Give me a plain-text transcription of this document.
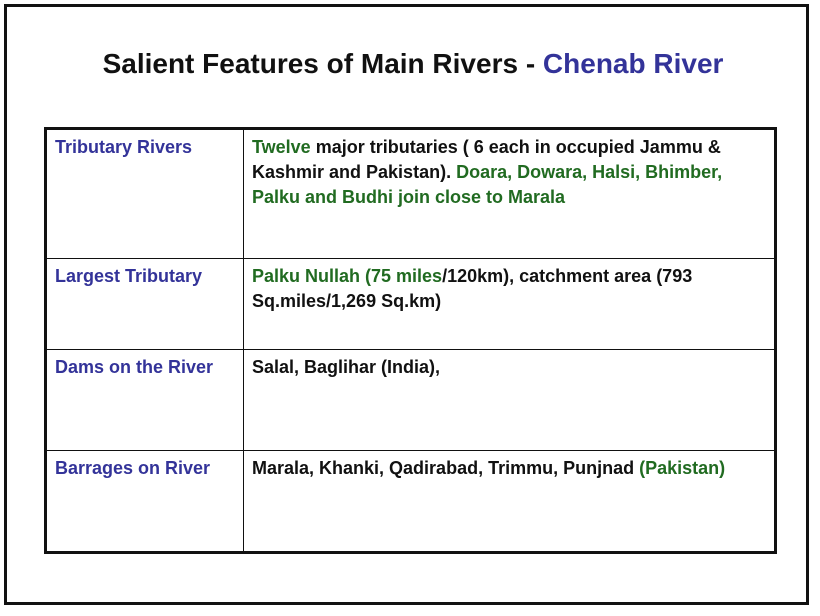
Salient Features of Main Rivers - Chenab River
Tributary Rivers	Twelve major tributaries ( 6 each in occupied Jammu & Kashmir and Pakistan). Doara, Dowara, Halsi, Bhimber, Palku and Budhi join close to Marala
Largest Tributary	Palku Nullah (75 miles/120km), catchment area (793 Sq.miles/1,269 Sq.km)
Dams on the River	Salal, Baglihar (India),
Barrages on River	Marala, Khanki, Qadirabad, Trimmu, Punjnad (Pakistan)
